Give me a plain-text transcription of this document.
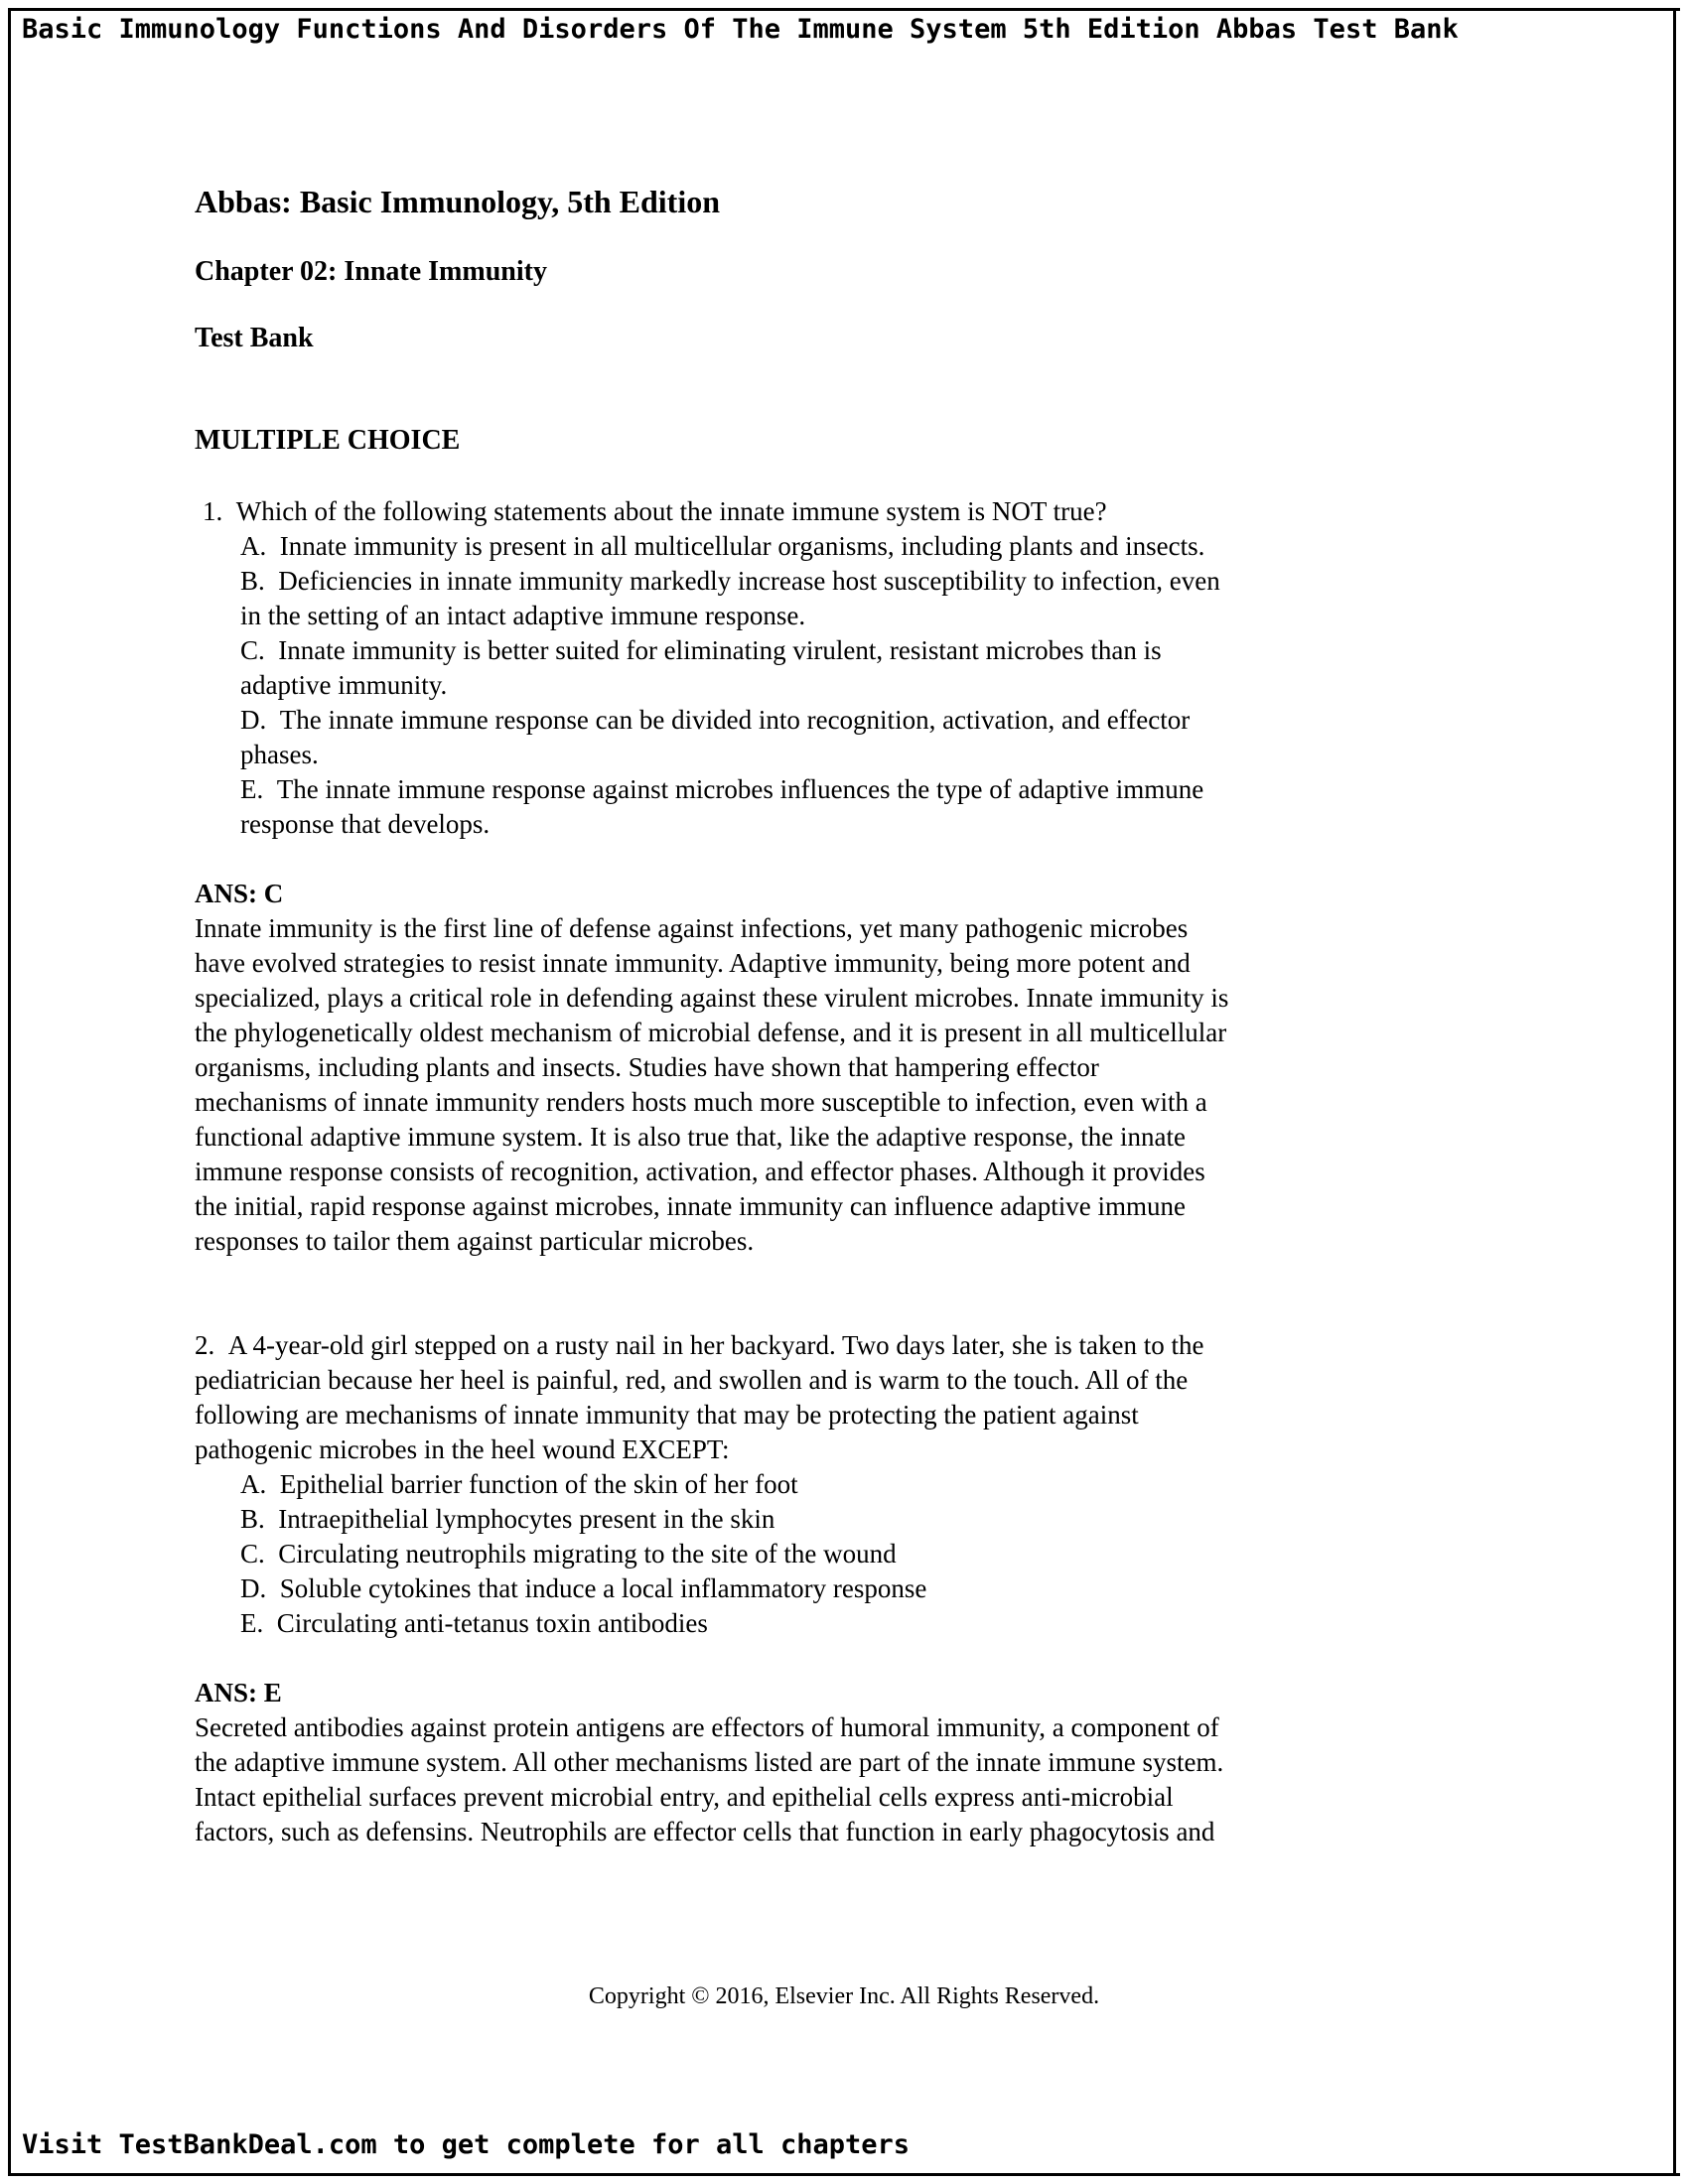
Basic Immunology Functions And Disorders Of The Immune System 5th Edition Abbas Test Bank
Abbas: Basic Immunology, 5th Edition
Chapter 02: Innate Immunity
Test Bank
MULTIPLE CHOICE
1. Which of the following statements about the innate immune system is NOT true?
A. Innate immunity is present in all multicellular organisms, including plants and insects.
B. Deficiencies in innate immunity markedly increase host susceptibility to infection, even
in the setting of an intact adaptive immune response.
C. Innate immunity is better suited for eliminating virulent, resistant microbes than is
adaptive immunity.
D. The innate immune response can be divided into recognition, activation, and effector
phases.
E. The innate immune response against microbes influences the type of adaptive immune
response that develops.
ANS: C
Innate immunity is the first line of defense against infections, yet many pathogenic microbes
have evolved strategies to resist innate immunity. Adaptive immunity, being more potent and
specialized, plays a critical role in defending against these virulent microbes. Innate immunity is
the phylogenetically oldest mechanism of microbial defense, and it is present in all multicellular
organisms, including plants and insects. Studies have shown that hampering effector
mechanisms of innate immunity renders hosts much more susceptible to infection, even with a
functional adaptive immune system. It is also true that, like the adaptive response, the innate
immune response consists of recognition, activation, and effector phases. Although it provides
the initial, rapid response against microbes, innate immunity can influence adaptive immune
responses to tailor them against particular microbes.
2. A 4-year-old girl stepped on a rusty nail in her backyard. Two days later, she is taken to the
pediatrician because her heel is painful, red, and swollen and is warm to the touch. All of the
following are mechanisms of innate immunity that may be protecting the patient against
pathogenic microbes in the heel wound EXCEPT:
A. Epithelial barrier function of the skin of her foot
B. Intraepithelial lymphocytes present in the skin
C. Circulating neutrophils migrating to the site of the wound
D. Soluble cytokines that induce a local inflammatory response
E. Circulating anti-tetanus toxin antibodies
ANS: E
Secreted antibodies against protein antigens are effectors of humoral immunity, a component of
the adaptive immune system. All other mechanisms listed are part of the innate immune system.
Intact epithelial surfaces prevent microbial entry, and epithelial cells express anti-microbial
factors, such as defensins. Neutrophils are effector cells that function in early phagocytosis and
Copyright © 2016, Elsevier Inc. All Rights Reserved.
Visit TestBankDeal.com to get complete for all chapters
